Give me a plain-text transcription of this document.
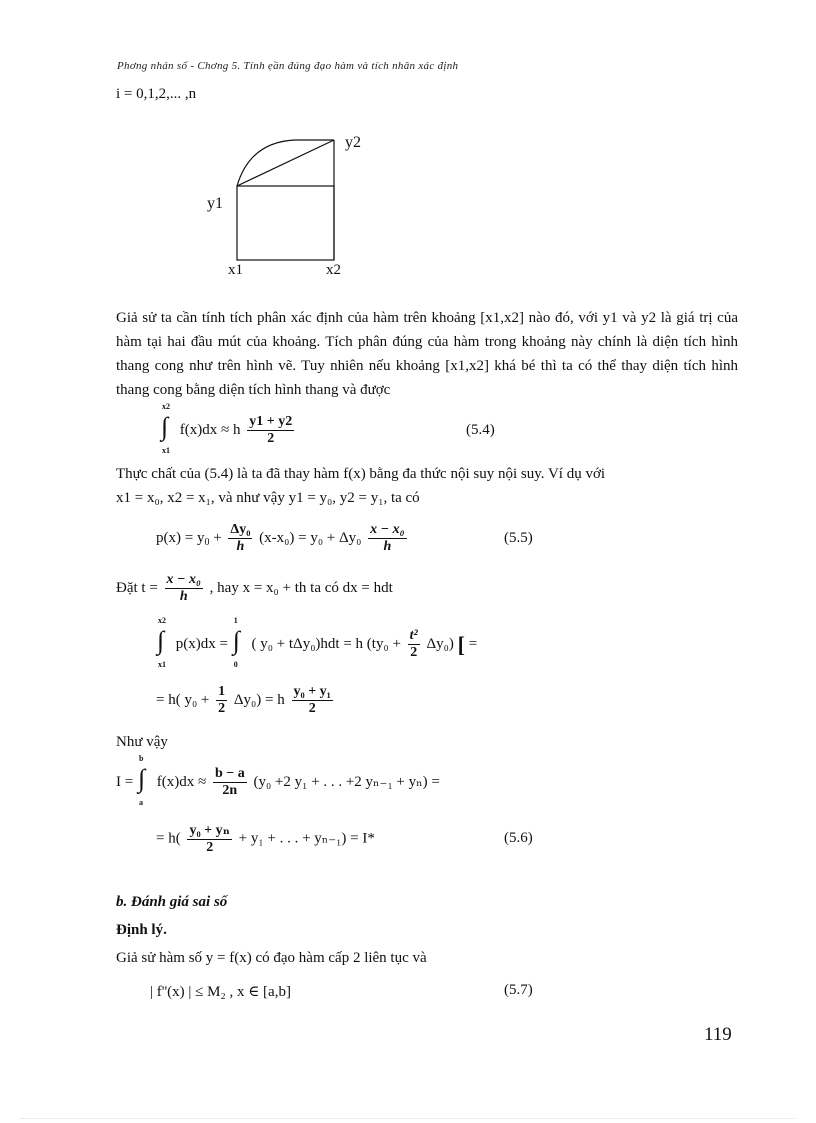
Phơng nhán số - Chơng 5. Tính ẹần đúng đạo hàm và tích nhân xác định
i = 0,1,2,... ,n
y2
y1
x1	x2
Giả sử ta cần tính tích phân xác định của hàm trên khoảng [x1,x2] nào đó, với y1 và y2 là giá trị của hàm tại hai đầu mút của khoảng. Tích phân đúng của hàm trong khoảng này chính là diện tích hình thang cong như trên hình vẽ. Tuy nhiên nếu khoảng [x1,x2] khá bé thì ta có thể thay diện tích hình thang cong bằng diện tích hình thang và được
x2
∫
x1
f(x)dx ≈ h $\frac{y1 + y2}{2}$	(5.4)
Thực chất của (5.4) là ta đã thay hàm f(x) bằng đa thức nội suy nội suy. Ví dụ với
x1 = x₀, x2 = x₁, và như vậy y1 = y₀, y2 = y₁, ta có
$p(x) = y_0 + \frac{\text{Δy₀}}{h} (x-x_0) = y_0 + \Delta y_0 \frac{\text{x − x₀}}{h}$	(5.5)
Đặt $t = \frac{\text{x − x₀}}{h}$ , hay x = x₀ + th ta có dx = hdt
x2
∫
x1
p(x)dx =
1
∫
0
( y₀ + tΔy₀)hdt = h $(ty_0 + \frac{\text{t²}}{2} \Delta y_0)$ [ =
= h( $y_0 + \frac{1}{2} \Delta y_0) = h \frac{\text{y₀ + y₁}}{2}$
Như vậy
I =
b
∫
a
$f(x)dx \approx \frac{b - a}{2n} (y_0 +2$ y₁ + . . . +2 yₙ₋₁ + yₙ) =
= $h( \frac{\text{y₀ + yₙ}}{2} + y_1$ + . . . + yₙ₋₁) = I*	(5.6)
b. Đánh giá sai số
Định lý.
Giả sử hàm số y = f(x) có đạo hàm cấp 2 liên tục và
| f''(x) | ≤ M₂ , x ∈ [a,b]	(5.7)
119
